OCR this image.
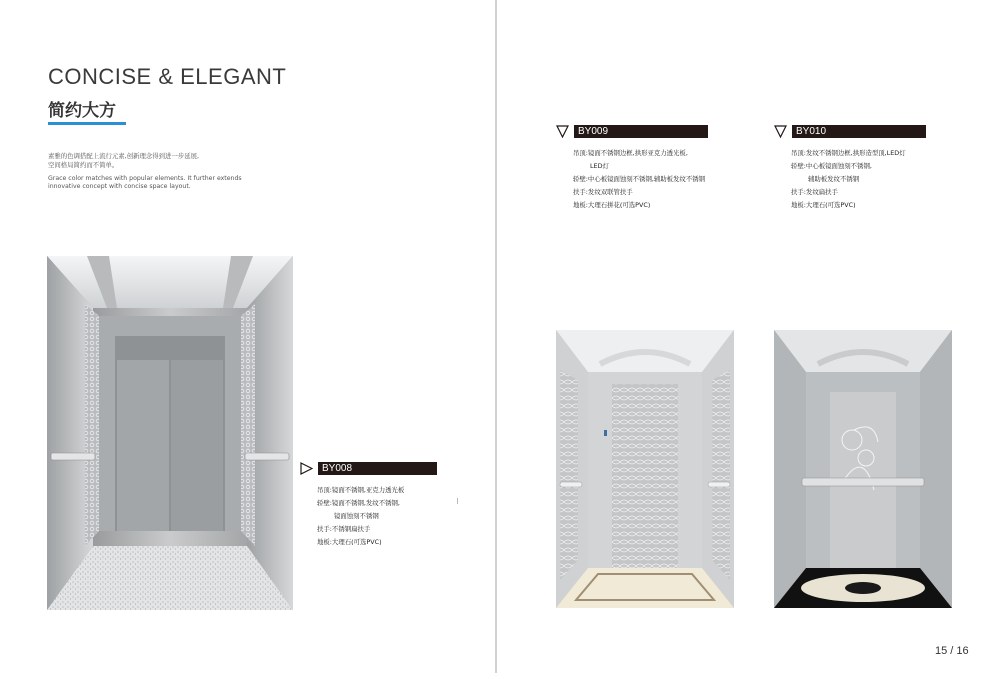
CONCISE & ELEGANT
简约大方
素雅的色调搭配上流行元素,创新理念得到进一步延展,
空间格局简约而不简单。
Grace color matches with popular elements. It further extends
innovative concept with concise space layout.
BY008
吊顶:镜面不锈钢,亚克力透光板
轿壁:镜面不锈钢,发纹不锈钢,
镜面蚀刻不锈钢
扶手:不锈钢扁扶手
地板:大理石(可选PVC)
BY009
吊顶:镜面不锈钢边框,拱形亚克力透光板,
LED灯
轿壁:中心板镜面蚀刻不锈钢,辅助板发纹不锈钢
扶手:发纹双联管扶手
地板:大理石拼花(可选PVC)
BY010
吊顶:发纹不锈钢边框,拱形造型顶,LED灯
轿壁:中心板镜面蚀刻不锈钢,
辅助板发纹不锈钢
扶手:发纹扁扶手
地板:大理石(可选PVC)
15 / 16
